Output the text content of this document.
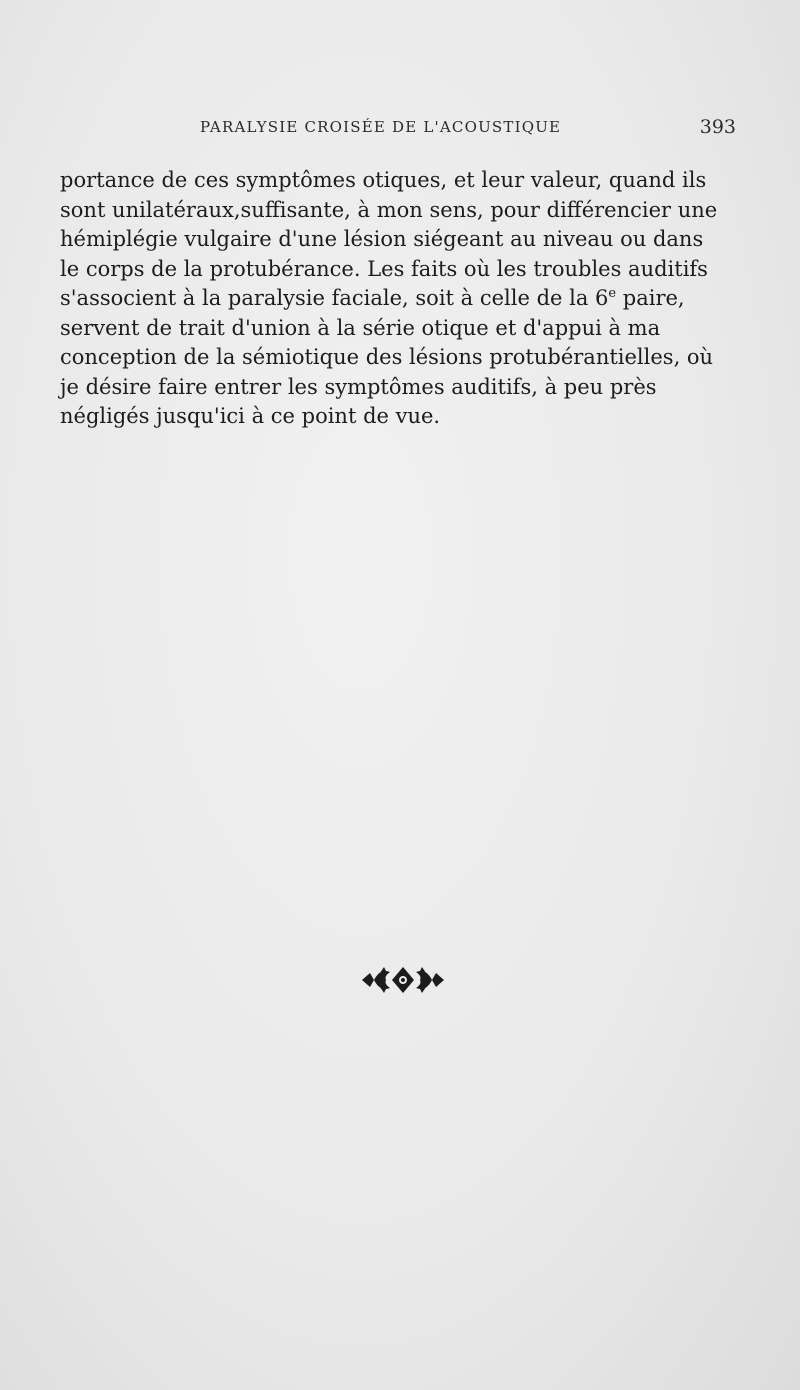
PARALYSIE CROISÉE DE L'ACOUSTIQUE	393

portance de ces symptômes otiques, et leur valeur, quand ils

sont unilatéraux,suffisante, à mon sens, pour différencier une

hémiplégie vulgaire d'une lésion siégeant au niveau ou dans

le corps de la protubérance. Les faits où les troubles auditifs

s'associent à la paralysie faciale, soit à celle de la 6e paire,

servent de trait d'union à la série otique et d'appui à ma

conception de la sémiotique des lésions protubérantielles, où

je désire faire entrer les symptômes auditifs, à peu près

négligés jusqu'ici à ce point de vue.
